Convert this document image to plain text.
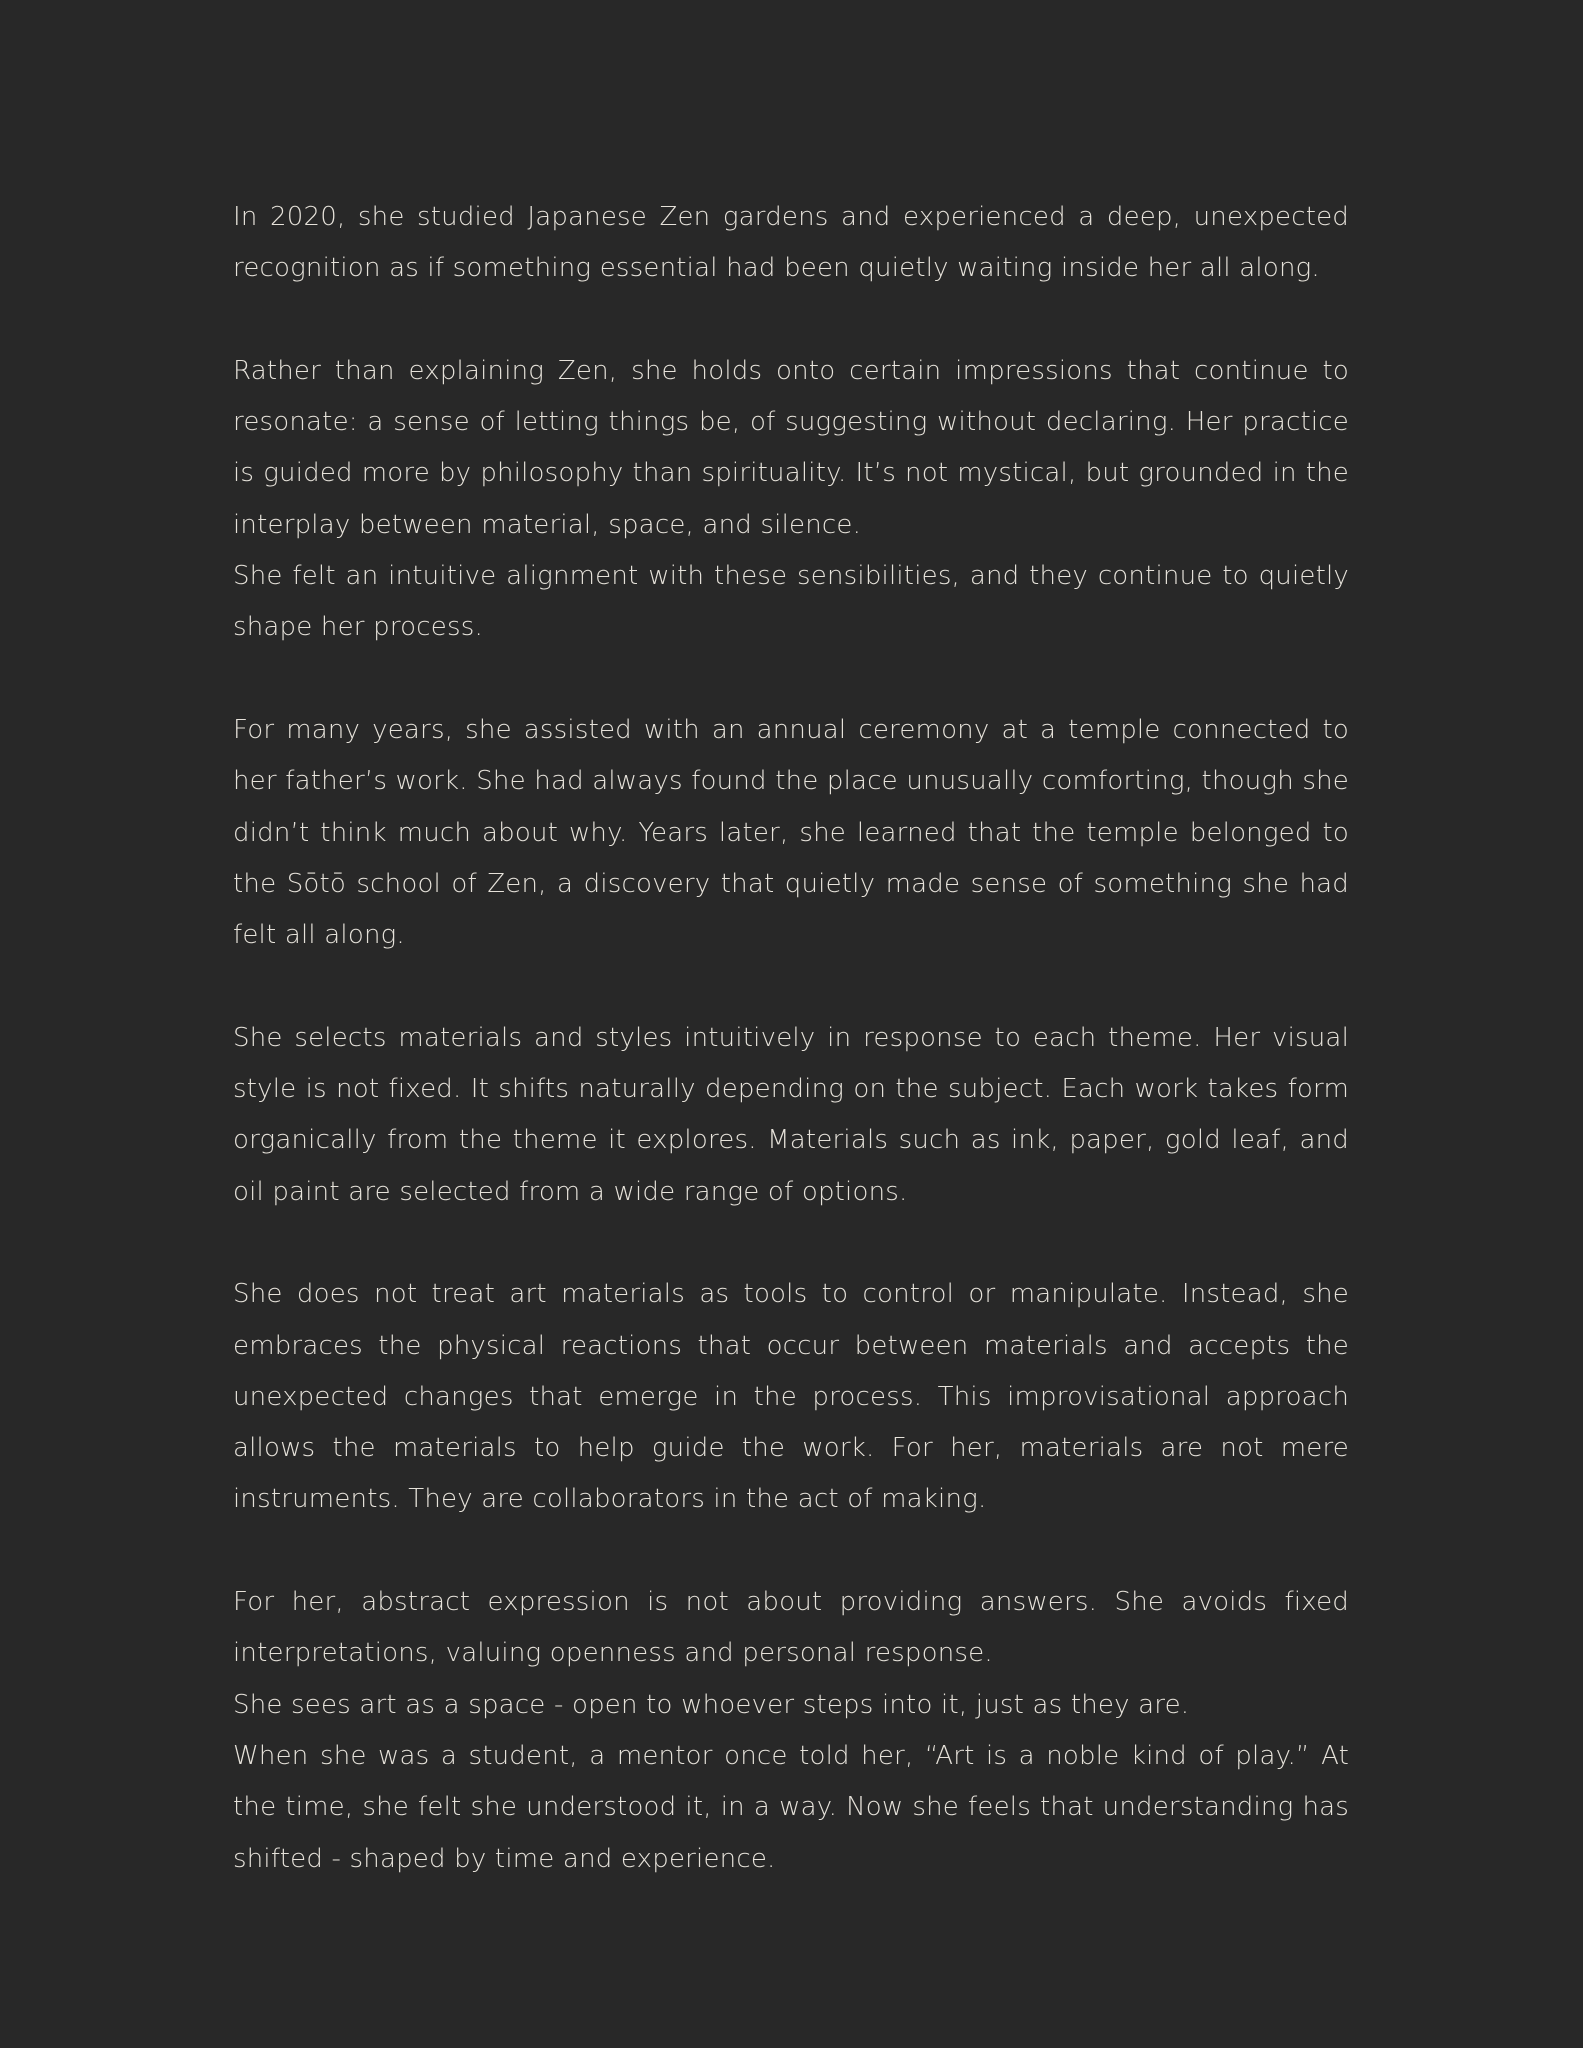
In 2020, she studied Japanese Zen gardens and experienced a deep, unexpected recognition as if something essential had been quietly waiting inside her all along.

Rather than explaining Zen, she holds onto certain impressions that continue to resonate: a sense of letting things be, of suggesting without declaring. Her practice is guided more by philosophy than spirituality. It’s not mystical, but grounded in the interplay between material, space, and silence.
She felt an intuitive alignment with these sensibilities, and they continue to quietly shape her process.

For many years, she assisted with an annual ceremony at a temple connected to her father’s work. She had always found the place unusually comforting, though she didn’t think much about why. Years later, she learned that the temple belonged to the Sōtō school of Zen, a discovery that quietly made sense of something she had felt all along.

She selects materials and styles intuitively in response to each theme. Her visual style is not fixed. It shifts naturally depending on the subject. Each work takes form organically from the theme it explores. Materials such as ink, paper, gold leaf, and oil paint are selected from a wide range of options.

She does not treat art materials as tools to control or manipulate. Instead, she embraces the physical reactions that occur between materials and accepts the unexpected changes that emerge in the process. This improvisational approach allows the materials to help guide the work. For her, materials are not mere instruments. They are collaborators in the act of making.

For her, abstract expression is not about providing answers. She avoids fixed interpretations, valuing openness and personal response.
She sees art as a space - open to whoever steps into it, just as they are.
When she was a student, a mentor once told her, “Art is a noble kind of play.” At the time, she felt she understood it, in a way. Now she feels that understanding has shifted - shaped by time and experience.
